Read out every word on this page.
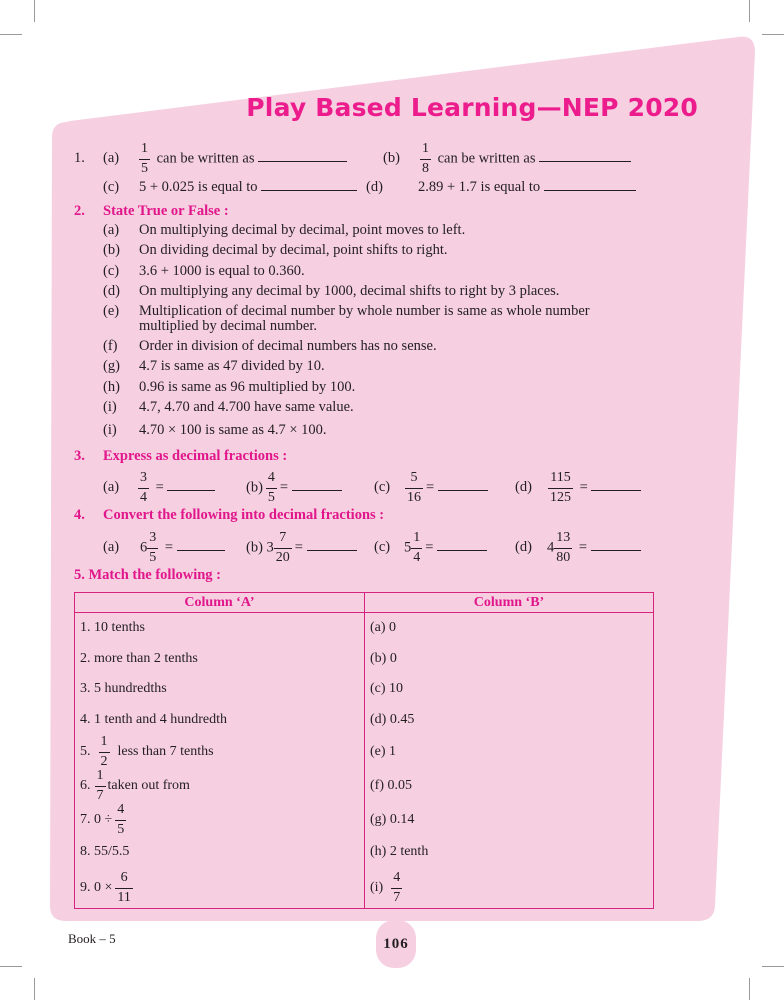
Play Based Learning—NEP 2020
1. $(a) \frac{1}{5}$ can be written as	$(b) \frac{1}{8}$ can be written as
(c) 5 + 0.025 is equal to	(d) 2.89 + 1.7 is equal to
2. State True or False :
(a) On multiplying decimal by decimal, point moves to left.
(b) On dividing decimal by decimal, point shifts to right.
(c) 3.6 + 1000 is equal to 0.360.
(d) On multiplying any decimal by 1000, decimal shifts to right by 3 places.
(e) Multiplication of decimal number by whole number is same as whole number
multiplied by decimal number.
(f) Order in division of decimal numbers has no sense.
(g) 4.7 is same as 47 divided by 10.
(h) 0.96 is same as 96 multiplied by 100.
(i) 4.7, 4.70 and 4.700 have same value.
(i) 4.70 × 100 is same as 4.7 × 100.
3. Express as decimal fractions :
$(a) \frac{3}{4}$ =	$(b) \frac{4}{5}$ =	$(c) \frac{5}{16}$ =	$(d) \frac{115}{125}$ =
4. Convert the following into decimal fractions :
(a) $6 \frac{3}{5}$ =	(b) $3 \frac{7}{20}$ =	(c) $5 \frac{1}{4}$ =	(d) $4 \frac{13}{80}$ =
5. Match the following :
Column ‘A’	Column ‘B’
1. 10 tenths	(a) 0
2. more than 2 tenths	(b) 0
3. 5 hundredths	(c) 10
4. 1 tenth and 4 hundredth	(d) 0.45
5. $\frac{1}{2}$ less than 7 tenths	(e) 1
6. $\frac{1}{7}$ taken out from	(f) 0.05
7. $0 \div \frac{4}{5}$	(g) 0.14
8. 55/5.5	(h) 2 tenth
9. $0 \times \frac{6}{11}$	$(i) \frac{4}{7}$
Book – 5	106
